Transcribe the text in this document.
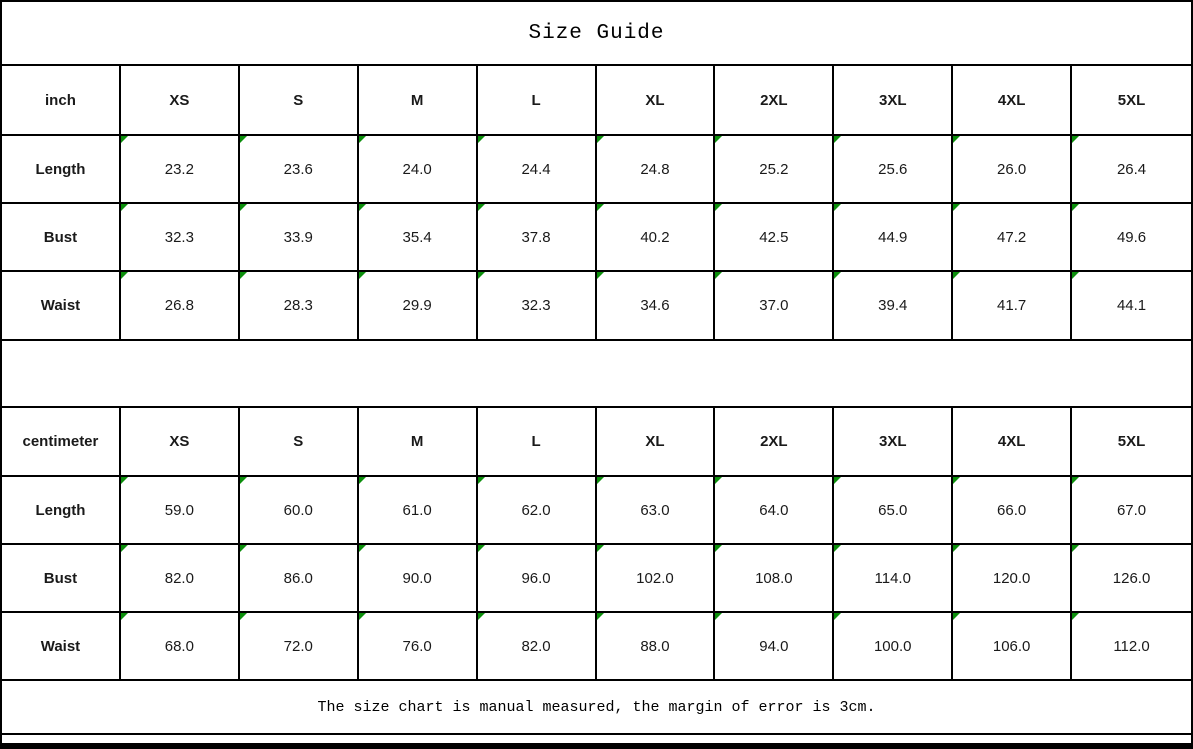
Size Guide
inch	XS	S	M	L	XL	2XL	3XL	4XL	5XL
Length	23.2	23.6	24.0	24.4	24.8	25.2	25.6	26.0	26.4
Bust	32.3	33.9	35.4	37.8	40.2	42.5	44.9	47.2	49.6
Waist	26.8	28.3	29.9	32.3	34.6	37.0	39.4	41.7	44.1
centimeter	XS	S	M	L	XL	2XL	3XL	4XL	5XL
Length	59.0	60.0	61.0	62.0	63.0	64.0	65.0	66.0	67.0
Bust	82.0	86.0	90.0	96.0	102.0	108.0	114.0	120.0	126.0
Waist	68.0	72.0	76.0	82.0	88.0	94.0	100.0	106.0	112.0
The size chart is manual measured, the margin of error is 3cm.
